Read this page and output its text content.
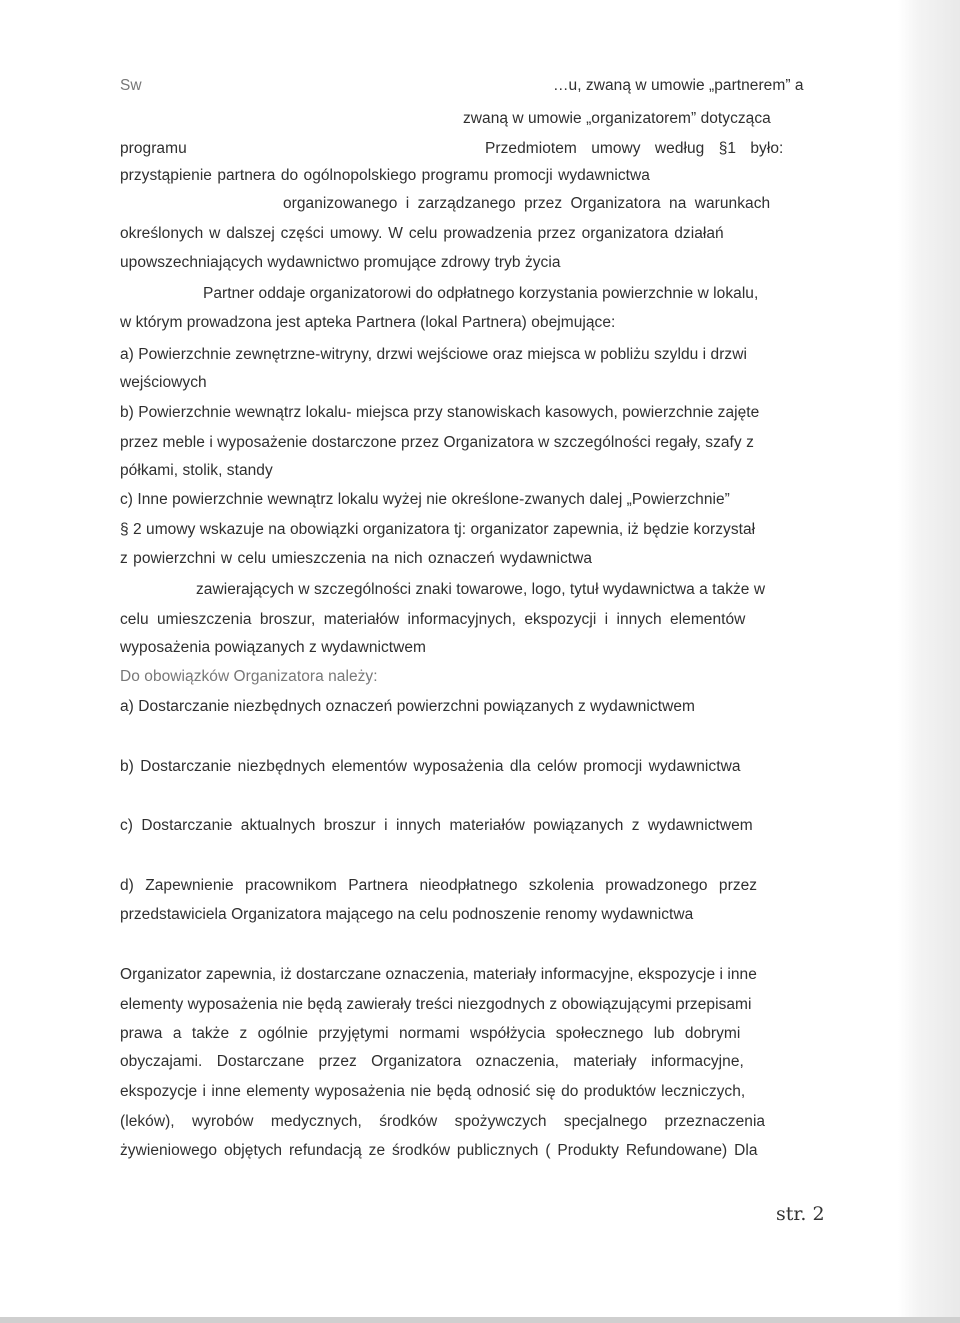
Sw	…u, zwaną w umowie „partnerem” a
zwaną w umowie „organizatorem” dotycząca
programu	Przedmiotem umowy według §1 było:
przystąpienie partnera do ogólnopolskiego programu promocji wydawnictwa
organizowanego i zarządzanego przez Organizatora na warunkach
określonych w dalszej części umowy. W celu prowadzenia przez organizatora działań
upowszechniających wydawnictwo promujące zdrowy tryb życia
Partner oddaje organizatorowi do odpłatnego korzystania powierzchnie w lokalu,
w którym prowadzona jest apteka Partnera (lokal Partnera) obejmujące:
a) Powierzchnie zewnętrzne-witryny, drzwi wejściowe oraz miejsca w pobliżu szyldu i drzwi
wejściowych
b) Powierzchnie wewnątrz lokalu- miejsca przy stanowiskach kasowych, powierzchnie zajęte
przez meble i wyposażenie dostarczone przez Organizatora w szczególności regały, szafy z
półkami, stolik, standy
c) Inne powierzchnie wewnątrz lokalu wyżej nie określone-zwanych dalej „Powierzchnie”
§ 2 umowy wskazuje na obowiązki organizatora tj: organizator zapewnia, iż będzie korzystał
z powierzchni w celu umieszczenia na nich oznaczeń wydawnictwa
zawierających w szczególności znaki towarowe, logo, tytuł wydawnictwa a także w
celu umieszczenia broszur, materiałów informacyjnych, ekspozycji i innych elementów
wyposażenia powiązanych z wydawnictwem
Do obowiązków Organizatora należy:
a) Dostarczanie niezbędnych oznaczeń powierzchni powiązanych z wydawnictwem
b) Dostarczanie niezbędnych elementów wyposażenia dla celów promocji wydawnictwa
c) Dostarczanie aktualnych broszur i innych materiałów powiązanych z wydawnictwem
d) Zapewnienie pracownikom Partnera nieodpłatnego szkolenia prowadzonego przez
przedstawiciela Organizatora mającego na celu podnoszenie renomy wydawnictwa
Organizator zapewnia, iż dostarczane oznaczenia, materiały informacyjne, ekspozycje i inne
elementy wyposażenia nie będą zawierały treści niezgodnych z obowiązującymi przepisami
prawa a także z ogólnie przyjętymi normami współżycia społecznego lub dobrymi
obyczajami. Dostarczane przez Organizatora oznaczenia, materiały informacyjne,
ekspozycje i inne elementy wyposażenia nie będą odnosić się do produktów leczniczych,
(leków), wyrobów medycznych, środków spożywczych specjalnego przeznaczenia
żywieniowego objętych refundacją ze środków publicznych ( Produkty Refundowane) Dla
str. 2
